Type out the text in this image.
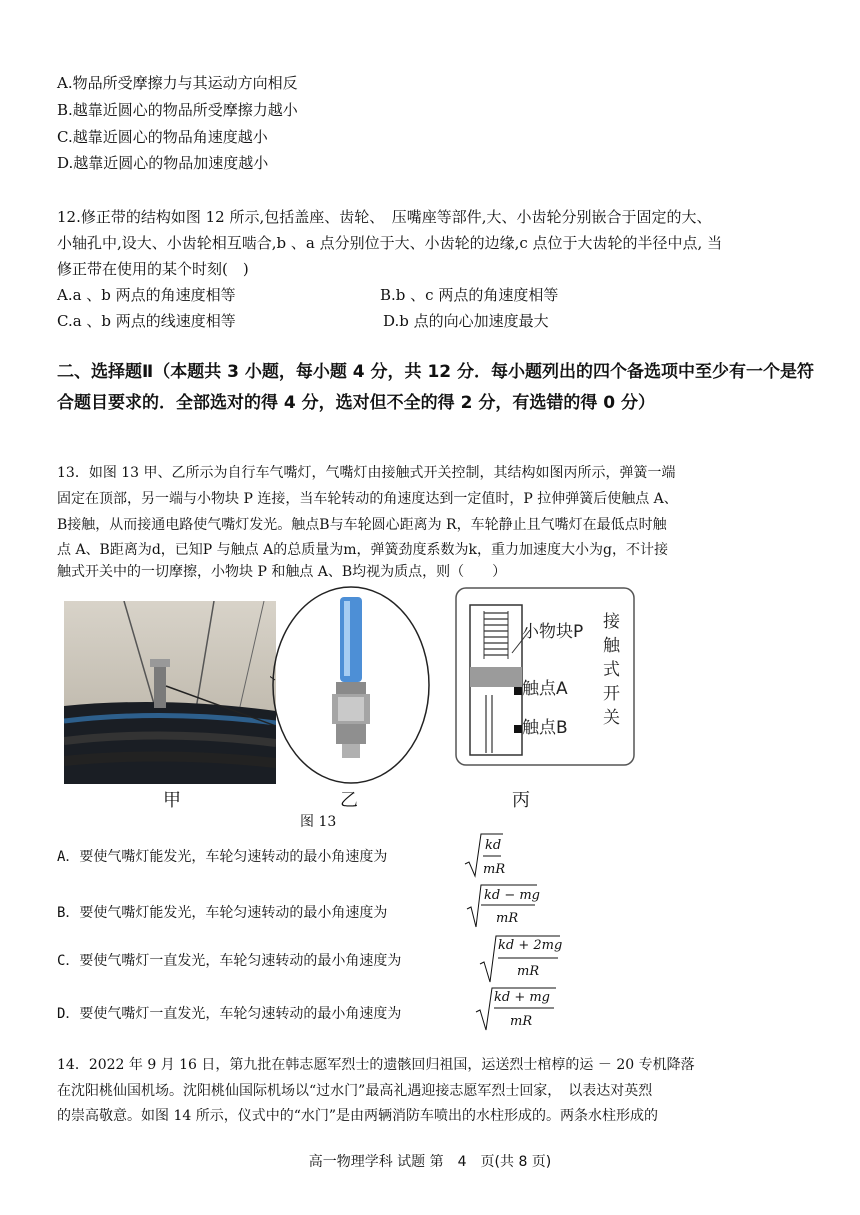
A.物品所受摩擦力与其运动方向相反
B.越靠近圆心的物品所受摩擦力越小
C.越靠近圆心的物品角速度越小
D.越靠近圆心的物品加速度越小
12.修正带的结构如图 12 所示,包括盖座、齿轮、　压嘴座等部件,大、小齿轮分别嵌合于固定的大、
小轴孔中,设大、小齿轮相互啮合,b 、a 点分别位于大、小齿轮的边缘,c 点位于大齿轮的半径中点, 当
修正带在使用的某个时刻(　)
A.a 、b 两点的角速度相等	B.b 、c 两点的角速度相等
C.a 、b 两点的线速度相等	D.b 点的向心加速度最大
二、选择题Ⅱ（本题共 3 小题，每小题 4 分，共 12 分．每小题列出的四个备选项中至少有一个是符合题目要求的．全部选对的得 4 分，选对但不全的得 2 分，有选错的得 0 分）
13．如图 13 甲、乙所示为自行车气嘴灯，气嘴灯由接触式开关控制，其结构如图丙所示，弹簧一端
固定在顶部，另一端与小物块 P 连接，当车轮转动的角速度达到一定值时，P 拉伸弹簧后使触点 A、
B接触，从而接通电路使气嘴灯发光。触点B与车轮圆心距离为 R，车轮静止且气嘴灯在最低点时触
点 A、B距离为d，已知P 与触点 A的总质量为m，弹簧劲度系数为k，重力加速度大小为g，不计接
触式开关中的一切摩擦，小物块 P 和触点 A、B均视为质点，则（　　）
小物块P
触点A
触点B
接
触
式
开
关
甲	乙	丙
图 13
A．要使气嘴灯能发光，车轮匀速转动的最小角速度为
B．要使气嘴灯能发光，车轮匀速转动的最小角速度为
C．要使气嘴灯一直发光，车轮匀速转动的最小角速度为
D．要使气嘴灯一直发光，车轮匀速转动的最小角速度为
kd
mR
kd − mg
mR
kd + 2mg
mR
kd + mg
mR
14．2022 年 9 月 16 日，第九批在韩志愿军烈士的遗骸回归祖国，运送烈士棺椁的运 － 20 专机降落
在沈阳桃仙国机场。沈阳桃仙国际机场以“过水门”最高礼遇迎接志愿军烈士回家，　以表达对英烈
的崇高敬意。如图 14 所示，仪式中的“水门”是由两辆消防车喷出的水柱形成的。两条水柱形成的
高一物理学科 试题 第　4　页(共 8 页)
